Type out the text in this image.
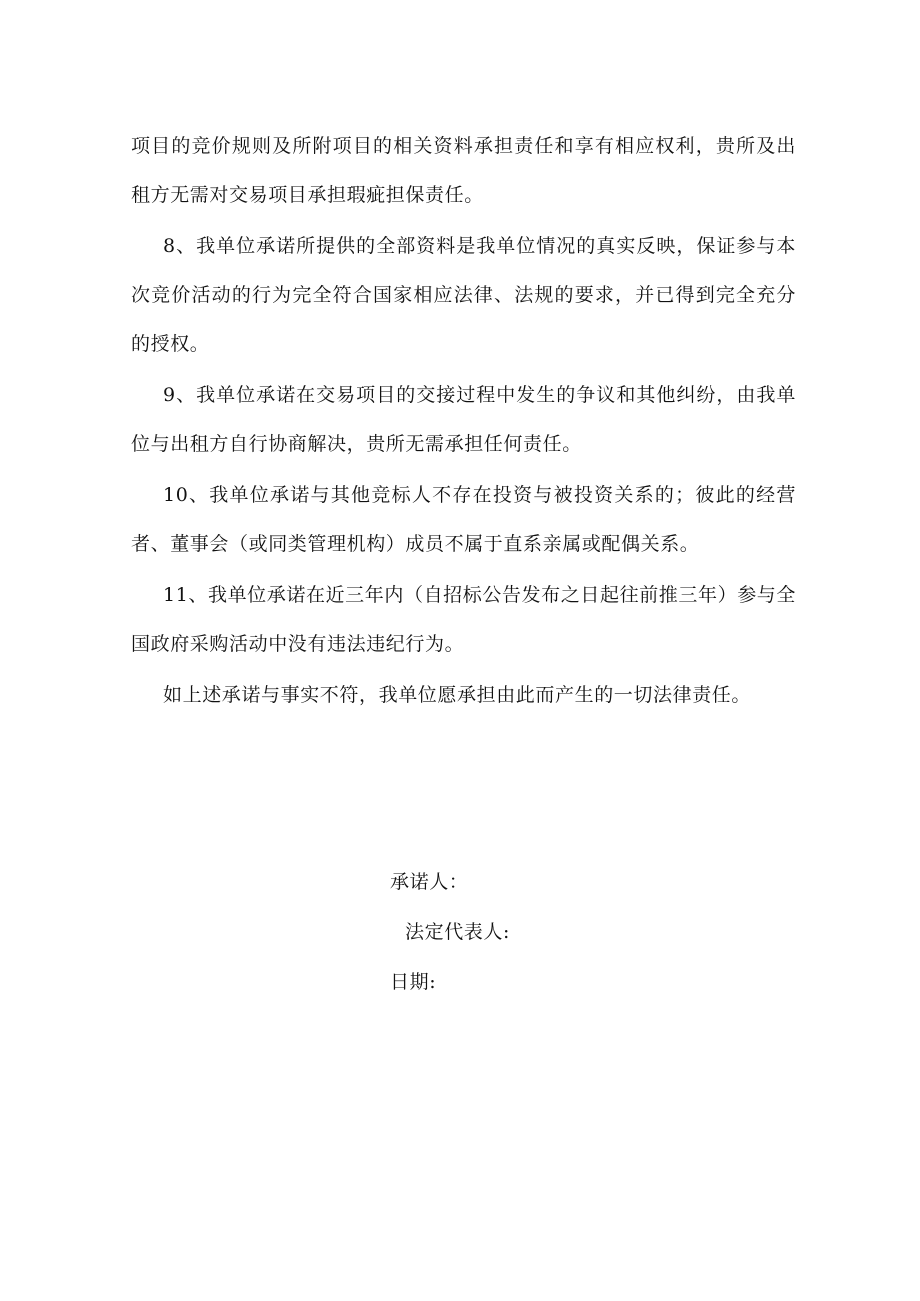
项目的竞价规则及所附项目的相关资料承担责任和享有相应权利，贵所及出租方无需对交易项目承担瑕疵担保责任。

8、我单位承诺所提供的全部资料是我单位情况的真实反映，保证参与本次竞价活动的行为完全符合国家相应法律、法规的要求，并已得到完全充分的授权。

9、我单位承诺在交易项目的交接过程中发生的争议和其他纠纷，由我单位与出租方自行协商解决，贵所无需承担任何责任。

10、我单位承诺与其他竞标人不存在投资与被投资关系的；彼此的经营者、董事会（或同类管理机构）成员不属于直系亲属或配偶关系。

11、我单位承诺在近三年内（自招标公告发布之日起往前推三年）参与全国政府采购活动中没有违法违纪行为。

如上述承诺与事实不符，我单位愿承担由此而产生的一切法律责任。

承诺人：
法定代表人:
日期:
